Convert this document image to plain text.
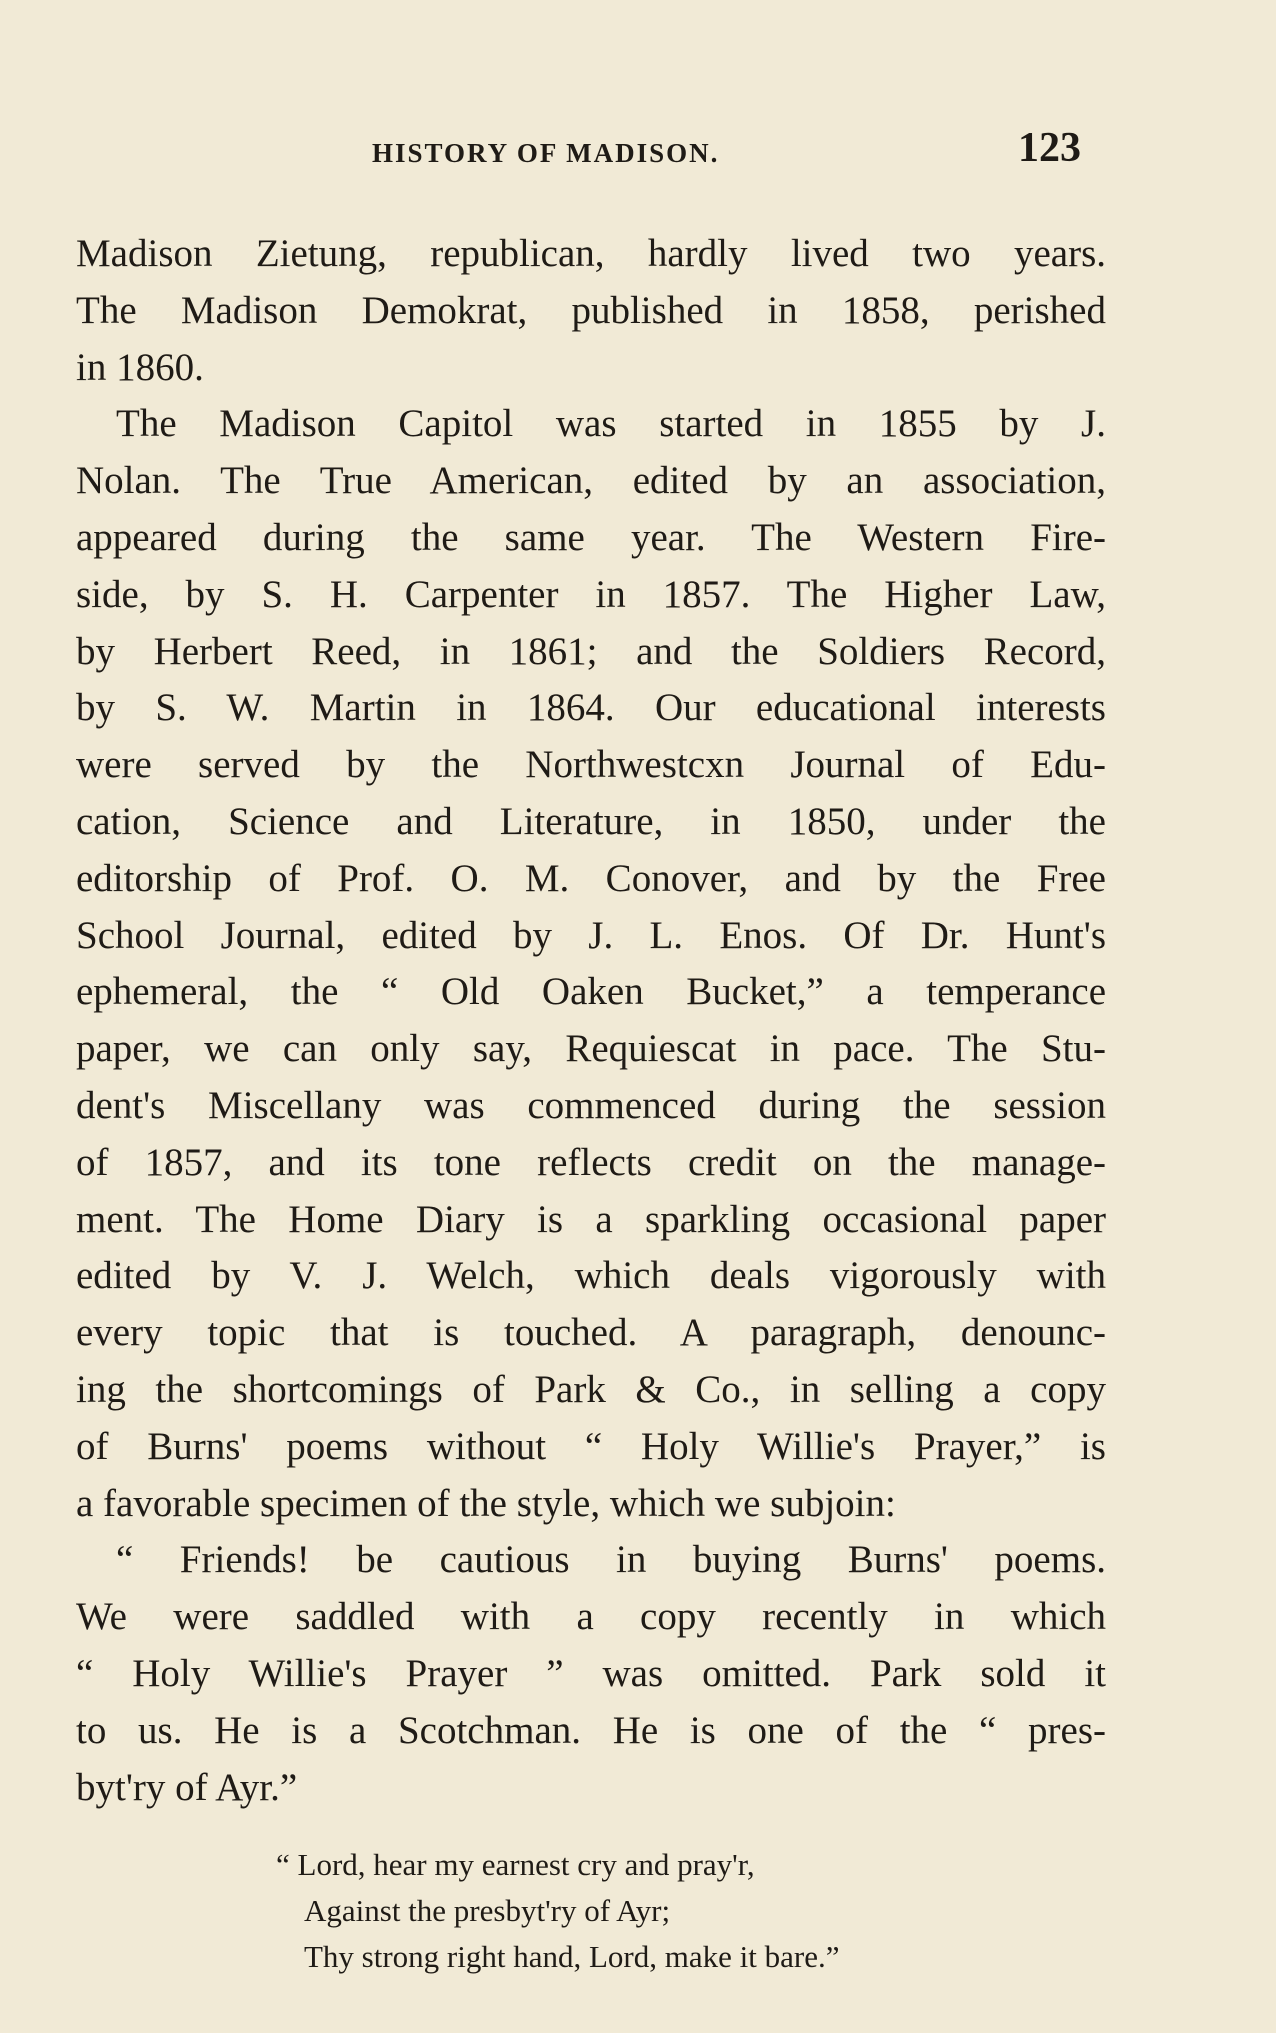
HISTORY OF MADISON.	123
Madison Zietung, republican, hardly lived two years.
The Madison Demokrat, published in 1858, perished
in 1860.
The Madison Capitol was started in 1855 by J.
Nolan. The True American, edited by an association,
appeared during the same year. The Western Fire-
side, by S. H. Carpenter in 1857. The Higher Law,
by Herbert Reed, in 1861; and the Soldiers Record,
by S. W. Martin in 1864. Our educational interests
were served by the Northwestcxn Journal of Edu-
cation, Science and Literature, in 1850, under the
editorship of Prof. O. M. Conover, and by the Free
School Journal, edited by J. L. Enos. Of Dr. Hunt's
ephemeral, the “ Old Oaken Bucket,” a temperance
paper, we can only say, Requiescat in pace. The Stu-
dent's Miscellany was commenced during the session
of 1857, and its tone reflects credit on the manage-
ment. The Home Diary is a sparkling occasional paper
edited by V. J. Welch, which deals vigorously with
every topic that is touched. A paragraph, denounc-
ing the shortcomings of Park & Co., in selling a copy
of Burns' poems without “ Holy Willie's Prayer,” is
a favorable specimen of the style, which we subjoin:
“ Friends! be cautious in buying Burns' poems.
We were saddled with a copy recently in which
“ Holy Willie's Prayer ” was omitted. Park sold it
to us. He is a Scotchman. He is one of the “ pres-
byt'ry of Ayr.”
“ Lord, hear my earnest cry and pray'r,
Against the presbyt'ry of Ayr;
Thy strong right hand, Lord, make it bare.”
